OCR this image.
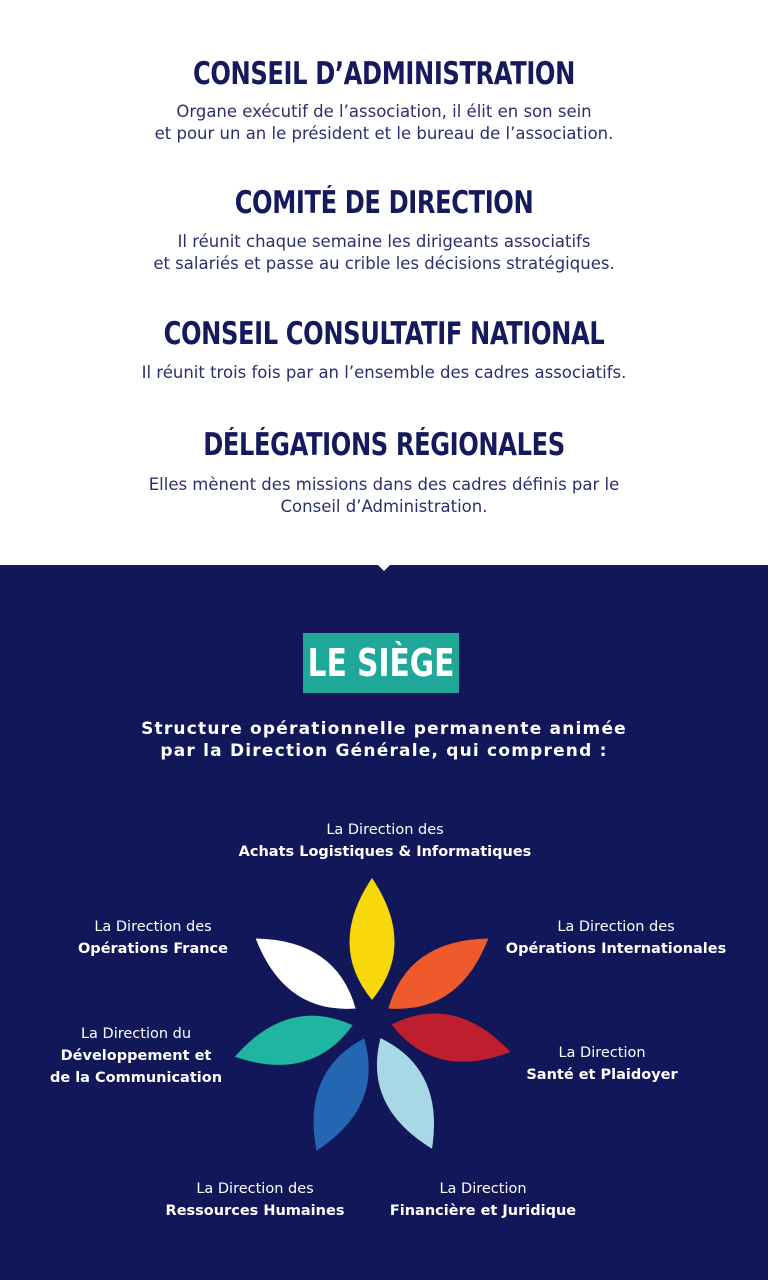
CONSEIL D’ADMINISTRATION
Organe exécutif de l’association, il élit en son sein
et pour un an le président et le bureau de l’association.
COMITÉ DE DIRECTION
Il réunit chaque semaine les dirigeants associatifs
et salariés et passe au crible les décisions stratégiques.
CONSEIL CONSULTATIF NATIONAL
Il réunit trois fois par an l’ensemble des cadres associatifs.
DÉLÉGATIONS RÉGIONALES
Elles mènent des missions dans des cadres définis par le
Conseil d’Administration.
LE SIÈGE
Structure opérationnelle permanente animée
par la Direction Générale, qui comprend :
La Direction des
Achats Logistiques & Informatiques
La Direction des
Opérations Internationales
La Direction
Santé et Plaidoyer
La Direction
Financière et Juridique
La Direction des
Ressources Humaines
La Direction du
Développement et
de la Communication
La Direction des
Opérations France
